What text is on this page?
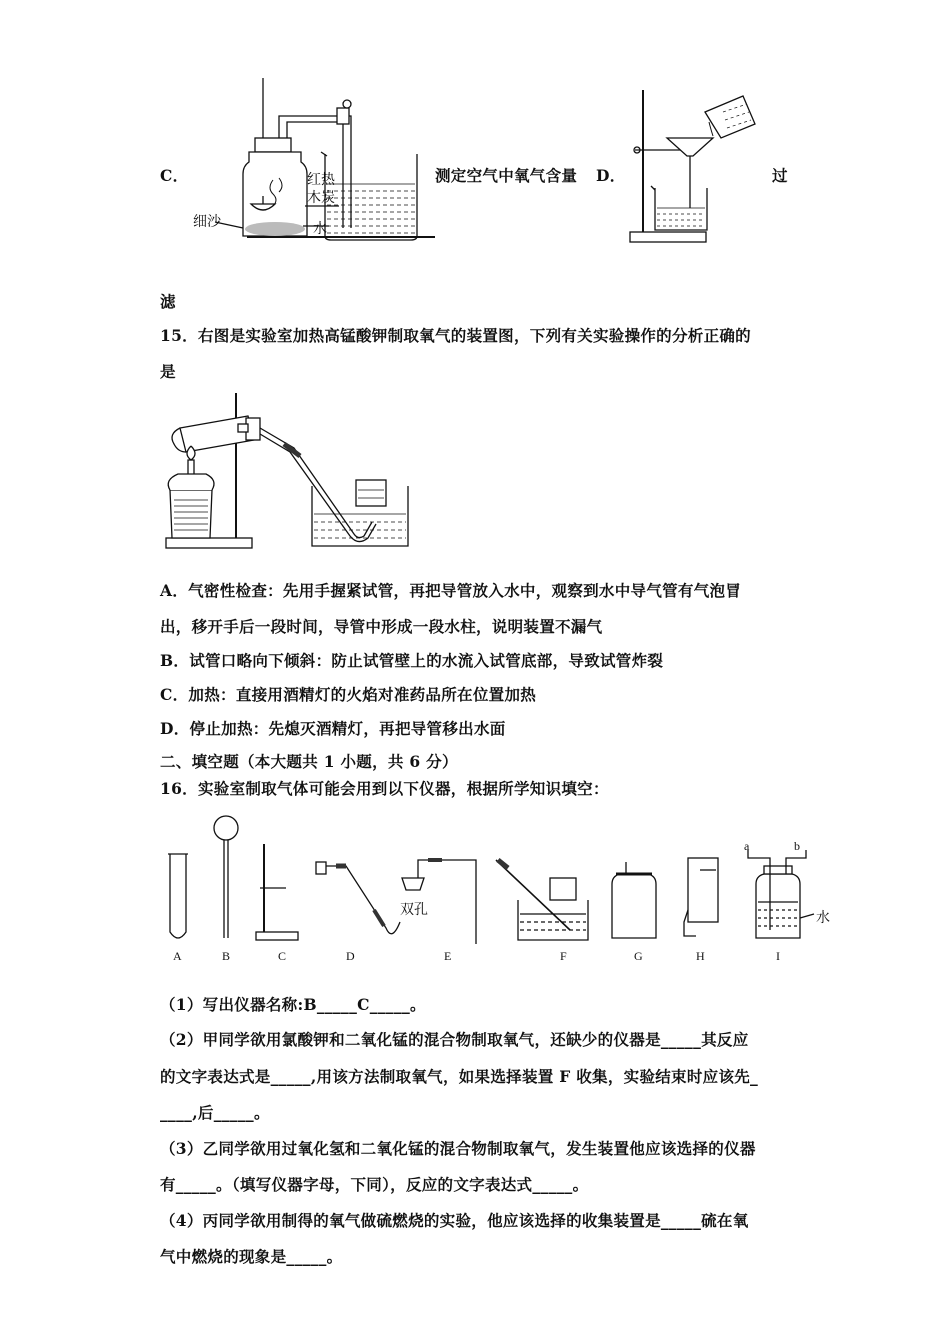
C．	红热
木炭
细沙	水
测定空气中氧气含量 D．	过
滤
15．右图是实验室加热高锰酸钾制取氧气的装置图，下列有关实验操作的分析正确的
是
A．气密性检查：先用手握紧试管，再把导管放入水中，观察到水中导气管有气泡冒
出，移开手后一段时间，导管中形成一段水柱，说明装置不漏气
B．试管口略向下倾斜：防止试管壁上的水流入试管底部，导致试管炸裂
C．加热：直接用酒精灯的火焰对准药品所在位置加热
D．停止加热：先熄灭酒精灯，再把导管移出水面
二、填空题（本大题共 1 小题，共 6 分）
16．实验室制取气体可能会用到以下仪器，根据所学知识填空：
双孔
a	b
水
A	B	C	D	E	F	G	H	I
（1）写出仪器名称:B_____C_____。
（2）甲同学欲用氯酸钾和二氧化锰的混合物制取氧气，还缺少的仪器是_____其反应
的文字表达式是_____,用该方法制取氧气，如果选择装置 F 收集，实验结束时应该先_
____,后_____。
（3）乙同学欲用过氧化氢和二氧化锰的混合物制取氧气，发生装置他应该选择的仪器
有_____。（填写仪器字母，下同），反应的文字表达式_____。
（4）丙同学欲用制得的氧气做硫燃烧的实验，他应该选择的收集装置是_____硫在氧
气中燃烧的现象是_____。
